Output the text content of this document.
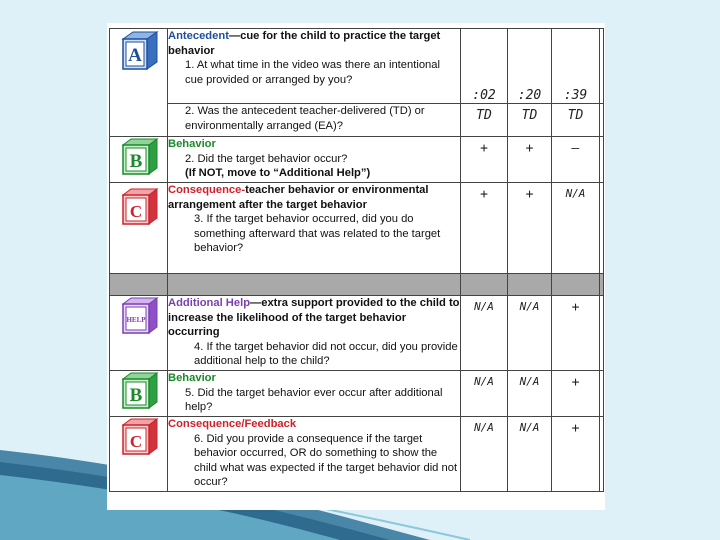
A	Antecedent—cue for the child to practice the target behavior
1. At what time in the video was there an intentional cue provided or arranged by you?	:02	:20	:39	

	2. Was the antecedent teacher-delivered (TD) or environmentally arranged (EA)?	TD	TD	TD	

B	Behavior
2. Did the target behavior occur?
(If NOT, move to “Additional Help”)	+	+	–	

C	Consequence-teacher behavior or environmental arrangement after the target behavior
3. If the target behavior occurred, did you do something afterward that was related to the target behavior?	+	+	N/A	

HELP	Additional Help—extra support provided to the child to increase the likelihood of the target behavior occurring
4. If the target behavior did not occur, did you provide additional help to the child?	N/A	N/A	+	

B	Behavior
5. Did the target behavior ever occur after additional help?	N/A	N/A	+	

C	Consequence/Feedback
6. Did you provide a consequence if the target behavior occurred, OR do something to show the child what was expected if the target behavior did not occur?	N/A	N/A	+	
